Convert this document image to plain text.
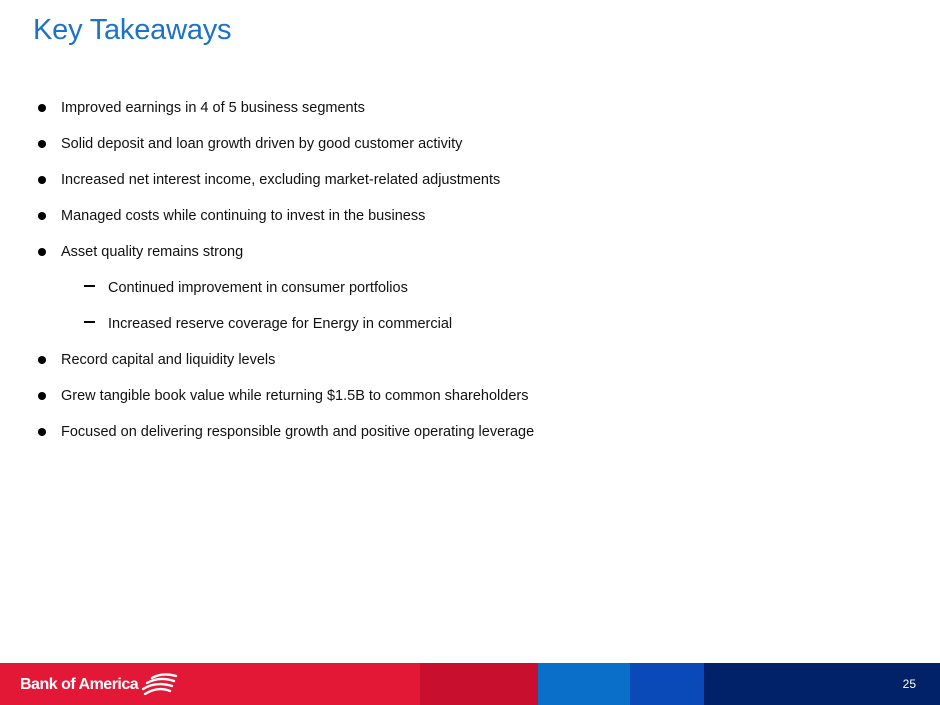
Key Takeaways
Improved earnings in 4 of 5 business segments
Solid deposit and loan growth driven by good customer activity
Increased net interest income, excluding market-related adjustments
Managed costs while continuing to invest in the business
Asset quality remains strong
Continued improvement in consumer portfolios
Increased reserve coverage for Energy in commercial
Record capital and liquidity levels
Grew tangible book value while returning $1.5B to common shareholders
Focused on delivering responsible growth and positive operating leverage
Bank of America	25
